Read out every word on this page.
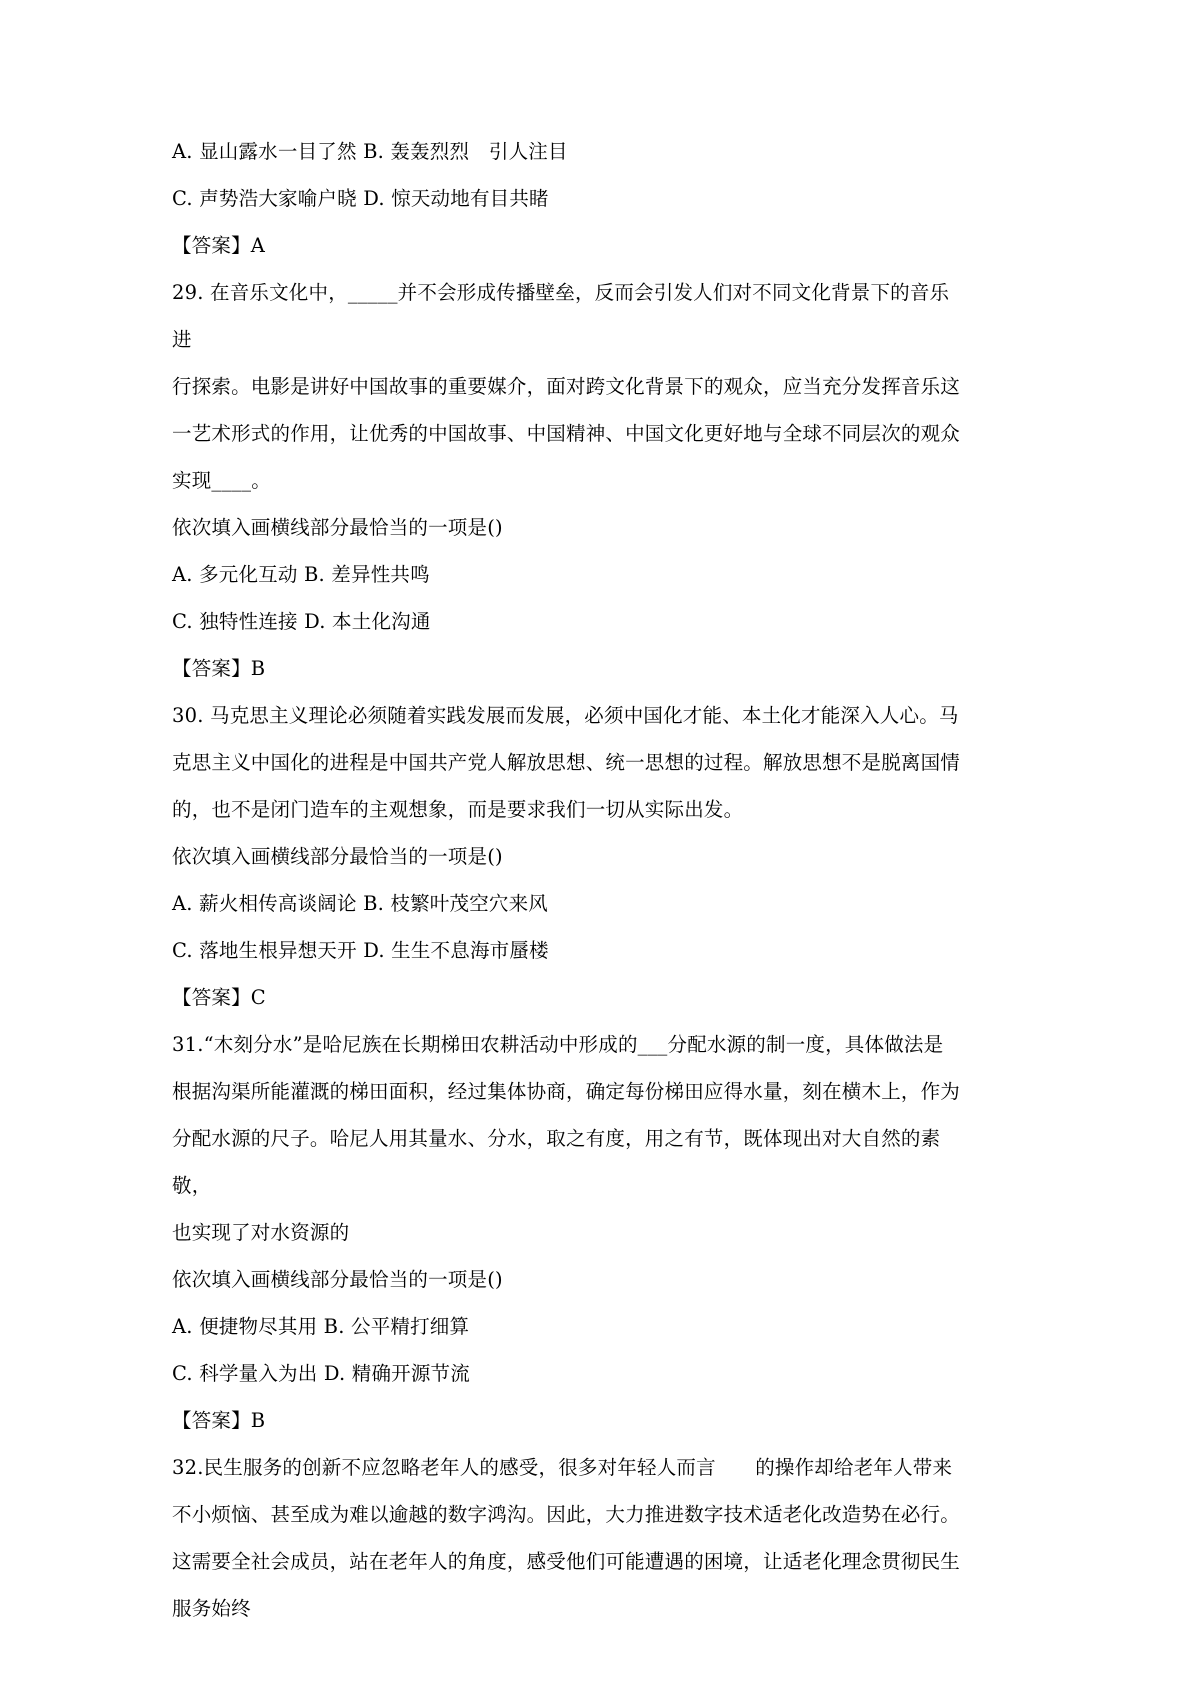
A. 显山露水一目了然 B. 轰轰烈烈　引人注目

C. 声势浩大家喻户晓 D. 惊天动地有目共睹

【答案】A

29. 在音乐文化中，_____并不会形成传播壁垒，反而会引发人们对不同文化背景下的音乐进

行探索。电影是讲好中国故事的重要媒介，面对跨文化背景下的观众，应当充分发挥音乐这

一艺术形式的作用，让优秀的中国故事、中国精神、中国文化更好地与全球不同层次的观众

实现____。

依次填入画横线部分最恰当的一项是()

A. 多元化互动 B. 差异性共鸣

C. 独特性连接 D. 本土化沟通

【答案】B

30. 马克思主义理论必须随着实践发展而发展，必须中国化才能、本土化才能深入人心。马

克思主义中国化的进程是中国共产党人解放思想、统一思想的过程。解放思想不是脱离国情

的，也不是闭门造车的主观想象，而是要求我们一切从实际出发。

依次填入画横线部分最恰当的一项是()

A. 薪火相传高谈阔论 B. 枝繁叶茂空穴来风

C. 落地生根异想天开 D. 生生不息海市蜃楼

【答案】C

31.“木刻分水”是哈尼族在长期梯田农耕活动中形成的___分配水源的制一度，具体做法是

根据沟渠所能灌溉的梯田面积，经过集体协商，确定每份梯田应得水量，刻在横木上，作为

分配水源的尺子。哈尼人用其量水、分水，取之有度，用之有节，既体现出对大自然的素敬，

也实现了对水资源的

依次填入画横线部分最恰当的一项是()

A. 便捷物尽其用 B. 公平精打细算

C. 科学量入为出 D. 精确开源节流

【答案】B

32.民生服务的创新不应忽略老年人的感受，很多对年轻人而言　　的操作却给老年人带来

不小烦恼、甚至成为难以逾越的数字鸿沟。因此，大力推进数字技术适老化改造势在必行。

这需要全社会成员，站在老年人的角度，感受他们可能遭遇的困境，让适老化理念贯彻民生

服务始终
